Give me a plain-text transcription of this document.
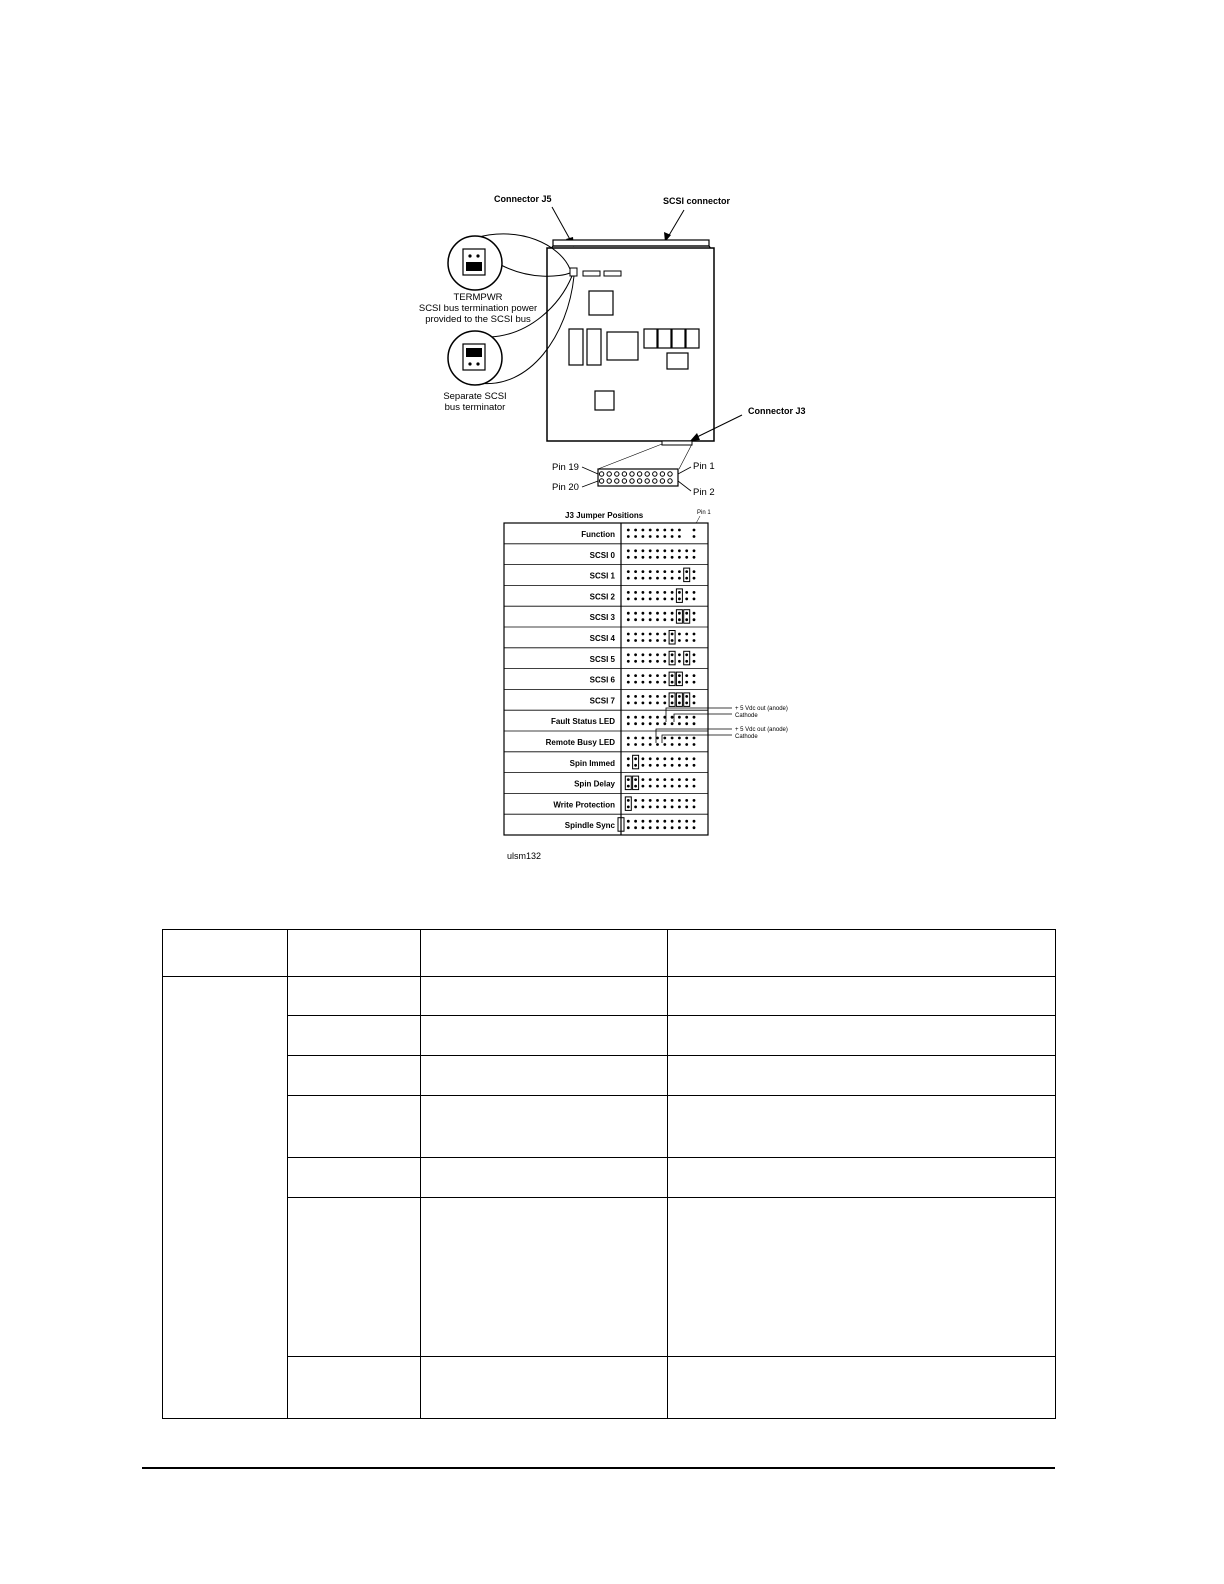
Connector J5	SCSI connector
TERMPWR
SCSI bus termination power
provided to the SCSI bus
Separate SCSI
bus terminator	Connector J3
Pin 19
Pin 20
Pin 1
Pin 2
J3 Jumper Positions	Pin 1
Function
SCSI 0
SCSI 1
SCSI 2
SCSI 3
SCSI 4
SCSI 5
SCSI 6
SCSI 7
Fault Status LED
Remote Busy LED
Spin Immed
Spin Delay
Write Protection
Spindle Sync
+ 5 Vdc out (anode)
Cathode
+ 5 Vdc out (anode)
Cathode
ulsm132
